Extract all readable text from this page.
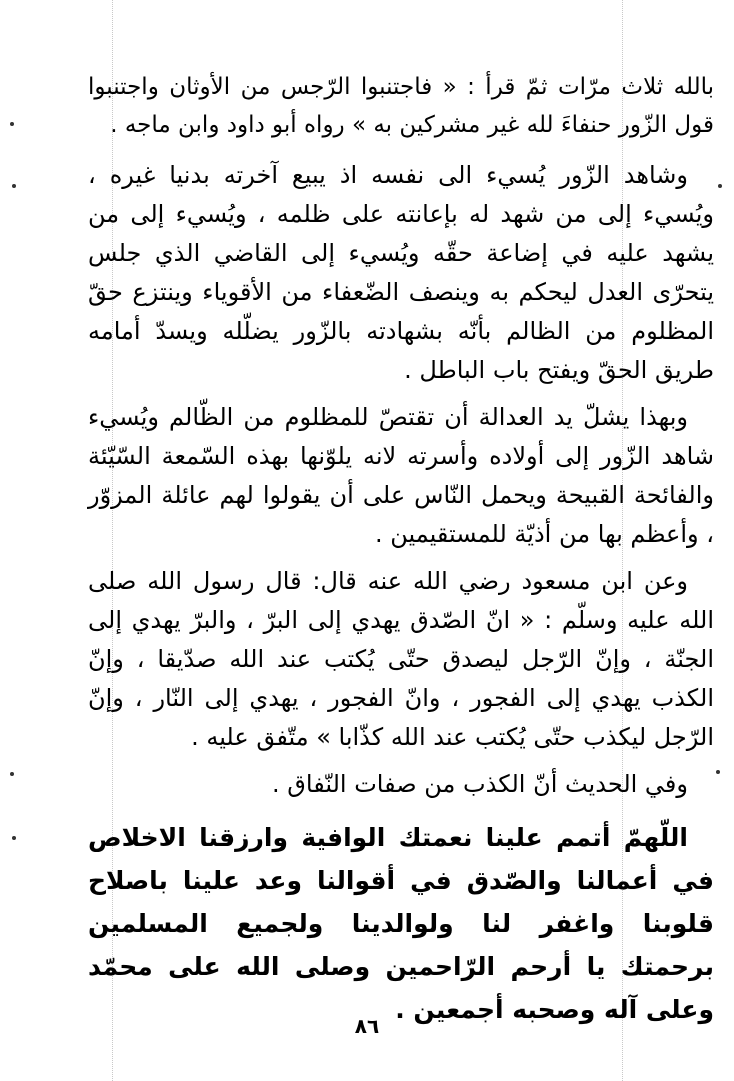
بالله ثلاث مرّات ثمّ قرأ : « فاجتنبوا الرّجس من الأوثان واجتنبوا قول الزّور حنفاءَ لله غير مشركين به » رواه أبو داود وابن ماجه .

وشاهد الزّور يُسيء الى نفسه اذ يبيع آخرته بدنيا غيره ، ويُسيء إلى من شهد له بإعانته على ظلمه ، ويُسيء إلى من يشهد عليه في إضاعة حقّه ويُسيء إلى القاضي الذي جلس يتحرّى العدل ليحكم به وينصف الضّعفاء من الأقوياء وينتزع حقّ المظلوم من الظالم بأنّه بشهادته بالزّور يضلّله ويسدّ أمامه طريق الحقّ ويفتح باب الباطل .

وبهذا يشلّ يد العدالة أن تقتصّ للمظلوم من الظّالم ويُسيء شاهد الزّور إلى أولاده وأسرته لانه يلوّنها بهذه السّمعة السّيّئة والفائحة القبيحة ويحمل النّاس على أن يقولوا لهم عائلة المزوّر ، وأعظم بها من أذيّة للمستقيمين .

وعن ابن مسعود رضي الله عنه قال: قال رسول الله صلى الله عليه وسلّم : « انّ الصّدق يهدي إلى البرّ ، والبرّ يهدي إلى الجنّة ، وإنّ الرّجل ليصدق حتّى يُكتب عند الله صدّيقا ، وإنّ الكذب يهدي إلى الفجور ، وانّ الفجور ، يهدي إلى النّار ، وإنّ الرّجل ليكذب حتّى يُكتب عند الله كذّابا » متّفق عليه .

وفي الحديث أنّ الكذب من صفات النّفاق .

اللّهمّ أتمم علينا نعمتك الوافية وارزقنا الاخلاص في أعمالنا والصّدق في أقوالنا وعد علينا باصلاح قلوبنا واغفر لنا ولوالدينا ولجميع المسلمين برحمتك يا أرحم الرّاحمين وصلى الله على محمّد وعلى آله وصحبه أجمعين .

٨٦
